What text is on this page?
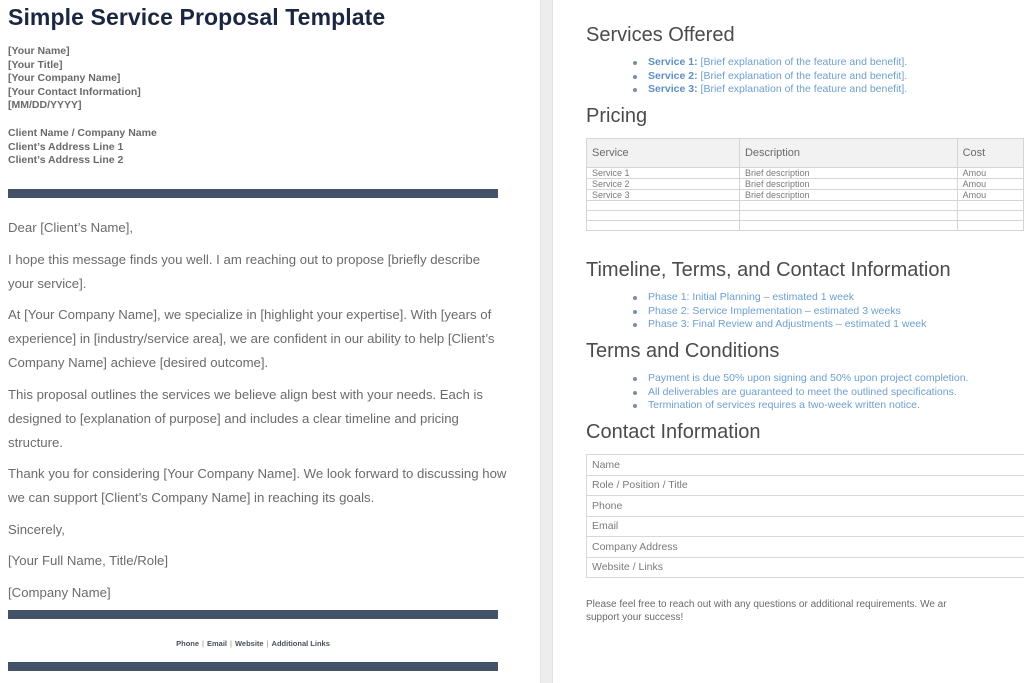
Simple Service Proposal Template
[Your Name]
[Your Title]
[Your Company Name]
[Your Contact Information]
[MM/DD/YYYY]
Client Name / Company Name
Client’s Address Line 1
Client’s Address Line 2

Dear [Client’s Name],

I hope this message finds you well. I am reaching out to propose [briefly describe your service].

At [Your Company Name], we specialize in [highlight your expertise]. With [years of experience] in [industry/service area], we are confident in our ability to help [Client’s Company Name] achieve [desired outcome].

This proposal outlines the services we believe align best with your needs. Each is designed to [explanation of purpose] and includes a clear timeline and pricing structure.

Thank you for considering [Your Company Name]. We look forward to discussing how we can support [Client’s Company Name] in reaching its goals.

Sincerely,

[Your Full Name, Title/Role]

[Company Name]

Phone | Email | Website | Additional Links
Services Offered
Service 1: [Brief explanation of the feature and benefit].
Service 2: [Brief explanation of the feature and benefit].
Service 3: [Brief explanation of the feature and benefit].
Pricing
Service	Description	Cost
Service 1	Brief description	Amou
Service 2	Brief description	Amou
Service 3	Brief description	Amou

Timeline, Terms, and Contact Information
Phase 1: Initial Planning – estimated 1 week
Phase 2: Service Implementation – estimated 3 weeks
Phase 3: Final Review and Adjustments – estimated 1 week
Terms and Conditions
Payment is due 50% upon signing and 50% upon project completion.
All deliverables are guaranteed to meet the outlined specifications.
Termination of services requires a two-week written notice.
Contact Information
Name
Role / Position / Title
Phone
Email
Company Address
Website / Links
Please feel free to reach out with any questions or additional requirements. We ar
support your success!
